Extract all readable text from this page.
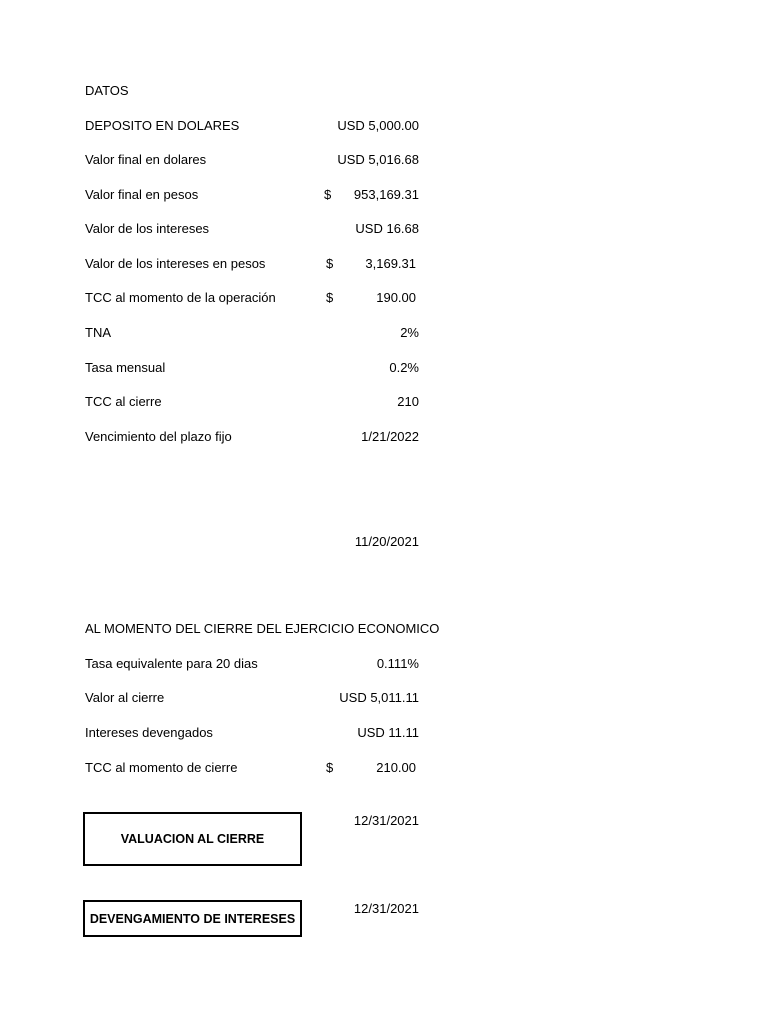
DATOS
DEPOSITO EN DOLARES	USD 5,000.00
Valor final en dolares	USD 5,016.68
Valor final en pesos	$ 953,169.31
Valor de los intereses	USD 16.68
Valor de los intereses en pesos	$ 3,169.31
TCC al momento de la operación	$	190.00
TNA	2%
Tasa mensual	0.2%
TCC al cierre	210
Vencimiento del plazo fijo	1/21/2022
11/20/2021
AL MOMENTO DEL CIERRE DEL EJERCICIO ECONOMICO
Tasa equivalente para 20 dias	0.111%
Valor al cierre	USD 5,011.11
Intereses devengados	USD 11.11
TCC al momento de cierre	$	210.00
VALUACION AL CIERRE
12/31/2021
DEVENGAMIENTO DE INTERESES
12/31/2021
